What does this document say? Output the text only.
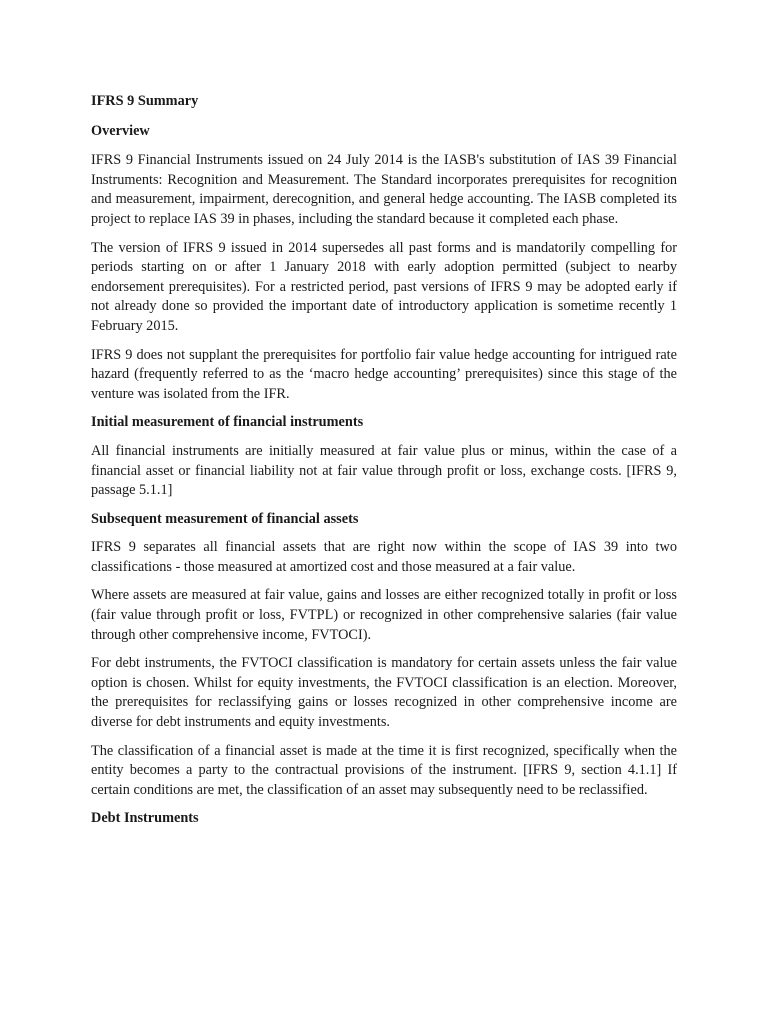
IFRS 9 Summary
Overview

IFRS 9 Financial Instruments issued on 24 July 2014 is the IASB's substitution of IAS 39 Financial Instruments: Recognition and Measurement. The Standard incorporates prerequisites for recognition and measurement, impairment, derecognition, and general hedge accounting. The IASB completed its project to replace IAS 39 in phases, including the standard because it completed each phase.

The version of IFRS 9 issued in 2014 supersedes all past forms and is mandatorily compelling for periods starting on or after 1 January 2018 with early adoption permitted (subject to nearby endorsement prerequisites). For a restricted period, past versions of IFRS 9 may be adopted early if not already done so provided the important date of introductory application is sometime recently 1 February 2015.

IFRS 9 does not supplant the prerequisites for portfolio fair value hedge accounting for intrigued rate hazard (frequently referred to as the ‘macro hedge accounting’ prerequisites) since this stage of the venture was isolated from the IFR.

Initial measurement of financial instruments

All financial instruments are initially measured at fair value plus or minus, within the case of a financial asset or financial liability not at fair value through profit or loss, exchange costs. [IFRS 9, passage 5.1.1]

Subsequent measurement of financial assets

IFRS 9 separates all financial assets that are right now within the scope of IAS 39 into two classifications - those measured at amortized cost and those measured at a fair value.

Where assets are measured at fair value, gains and losses are either recognized totally in profit or loss (fair value through profit or loss, FVTPL) or recognized in other comprehensive salaries (fair value through other comprehensive income, FVTOCI).

For debt instruments, the FVTOCI classification is mandatory for certain assets unless the fair value option is chosen. Whilst for equity investments, the FVTOCI classification is an election. Moreover, the prerequisites for reclassifying gains or losses recognized in other comprehensive income are diverse for debt instruments and equity investments.

The classification of a financial asset is made at the time it is first recognized, specifically when the entity becomes a party to the contractual provisions of the instrument. [IFRS 9, section 4.1.1] If certain conditions are met, the classification of an asset may subsequently need to be reclassified.

Debt Instruments
